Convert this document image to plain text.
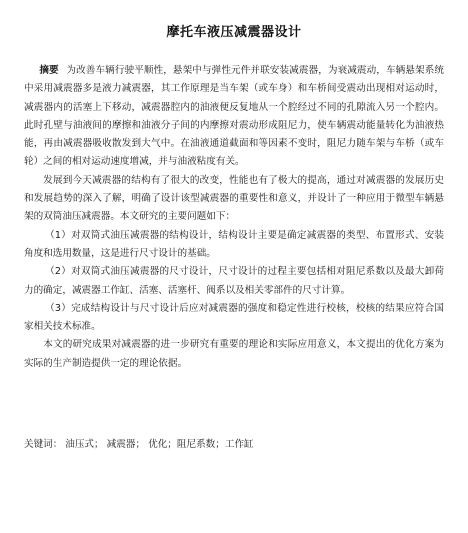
摩托车液压减震器设计

摘要 为改善车辆行驶平顺性，悬架中与弹性元件并联安装减震器，为衰减震动，车辆悬架系统中采用减震器多是液力减震器，其工作原理是当车架（或车身）和车桥间受震动出现相对运动时，减震器内的活塞上下移动，减震器腔内的油液便反复地从一个腔经过不同的孔隙流入另一个腔内。此时孔壁与油液间的摩擦和油液分子间的内摩擦对震动形成阻尼力，使车辆震动能量转化为油液热能，再由减震器吸收散发到大气中。在油液通道截面和等因素不变时，阻尼力随车架与车桥（或车轮）之间的相对运动速度增减，并与油液粘度有关。

发展到今天减震器的结构有了很大的改变，性能也有了极大的提高，通过对减震器的发展历史和发展趋势的深入了解，明确了设计该型减震器的重要性和意义，并设计了一种应用于微型车辆悬架的双筒油压减震器。本文研究的主要问题如下：

（1）对双筒式油压减震器的结构设计，结构设计主要是确定减震器的类型、布置形式、安装角度和选用数量，这是进行尺寸设计的基础。

（2）对双筒式油压减震器的尺寸设计，尺寸设计的过程主要包括相对阻尼系数以及最大卸荷力的确定，减震器工作缸、活塞、活塞杆、阀系以及相关零部件的尺寸计算。

（3）完成结构设计与尺寸设计后应对减震器的强度和稳定性进行校核，校核的结果应符合国家相关技术标准。

本文的研究成果对减震器的进一步研究有重要的理论和实际应用意义，本文提出的优化方案为实际的生产制造提供一定的理论依据。

关键词： 油压式； 减震器； 优化；阻尼系数；工作缸
